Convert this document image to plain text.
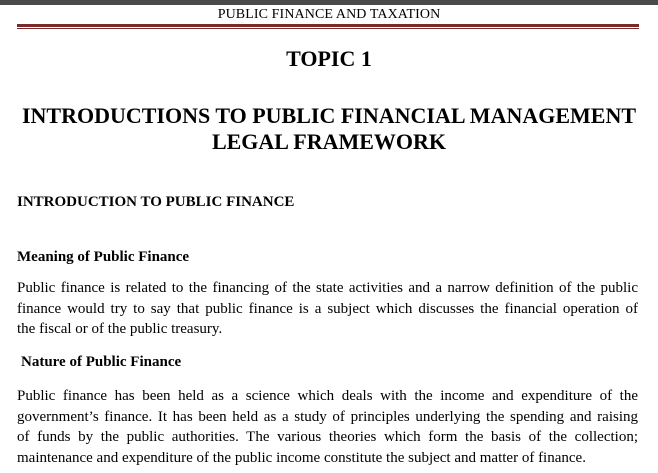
PUBLIC FINANCE AND TAXATION
TOPIC 1
INTRODUCTIONS TO PUBLIC FINANCIAL MANAGEMENT
LEGAL FRAMEWORK
INTRODUCTION TO PUBLIC FINANCE
Meaning of Public Finance
Public finance is related to the financing of the state activities and a narrow definition of the public
finance would try to say that public finance is a subject which discusses the financial operation of
the fiscal or of the public treasury.
Nature of Public Finance
Public finance has been held as a science which deals with the income and expenditure of the
government’s finance. It has been held as a study of principles underlying the spending and raising
of funds by the public authorities. The various theories which form the basis of the collection;
maintenance and expenditure of the public income constitute the subject and matter of finance.
